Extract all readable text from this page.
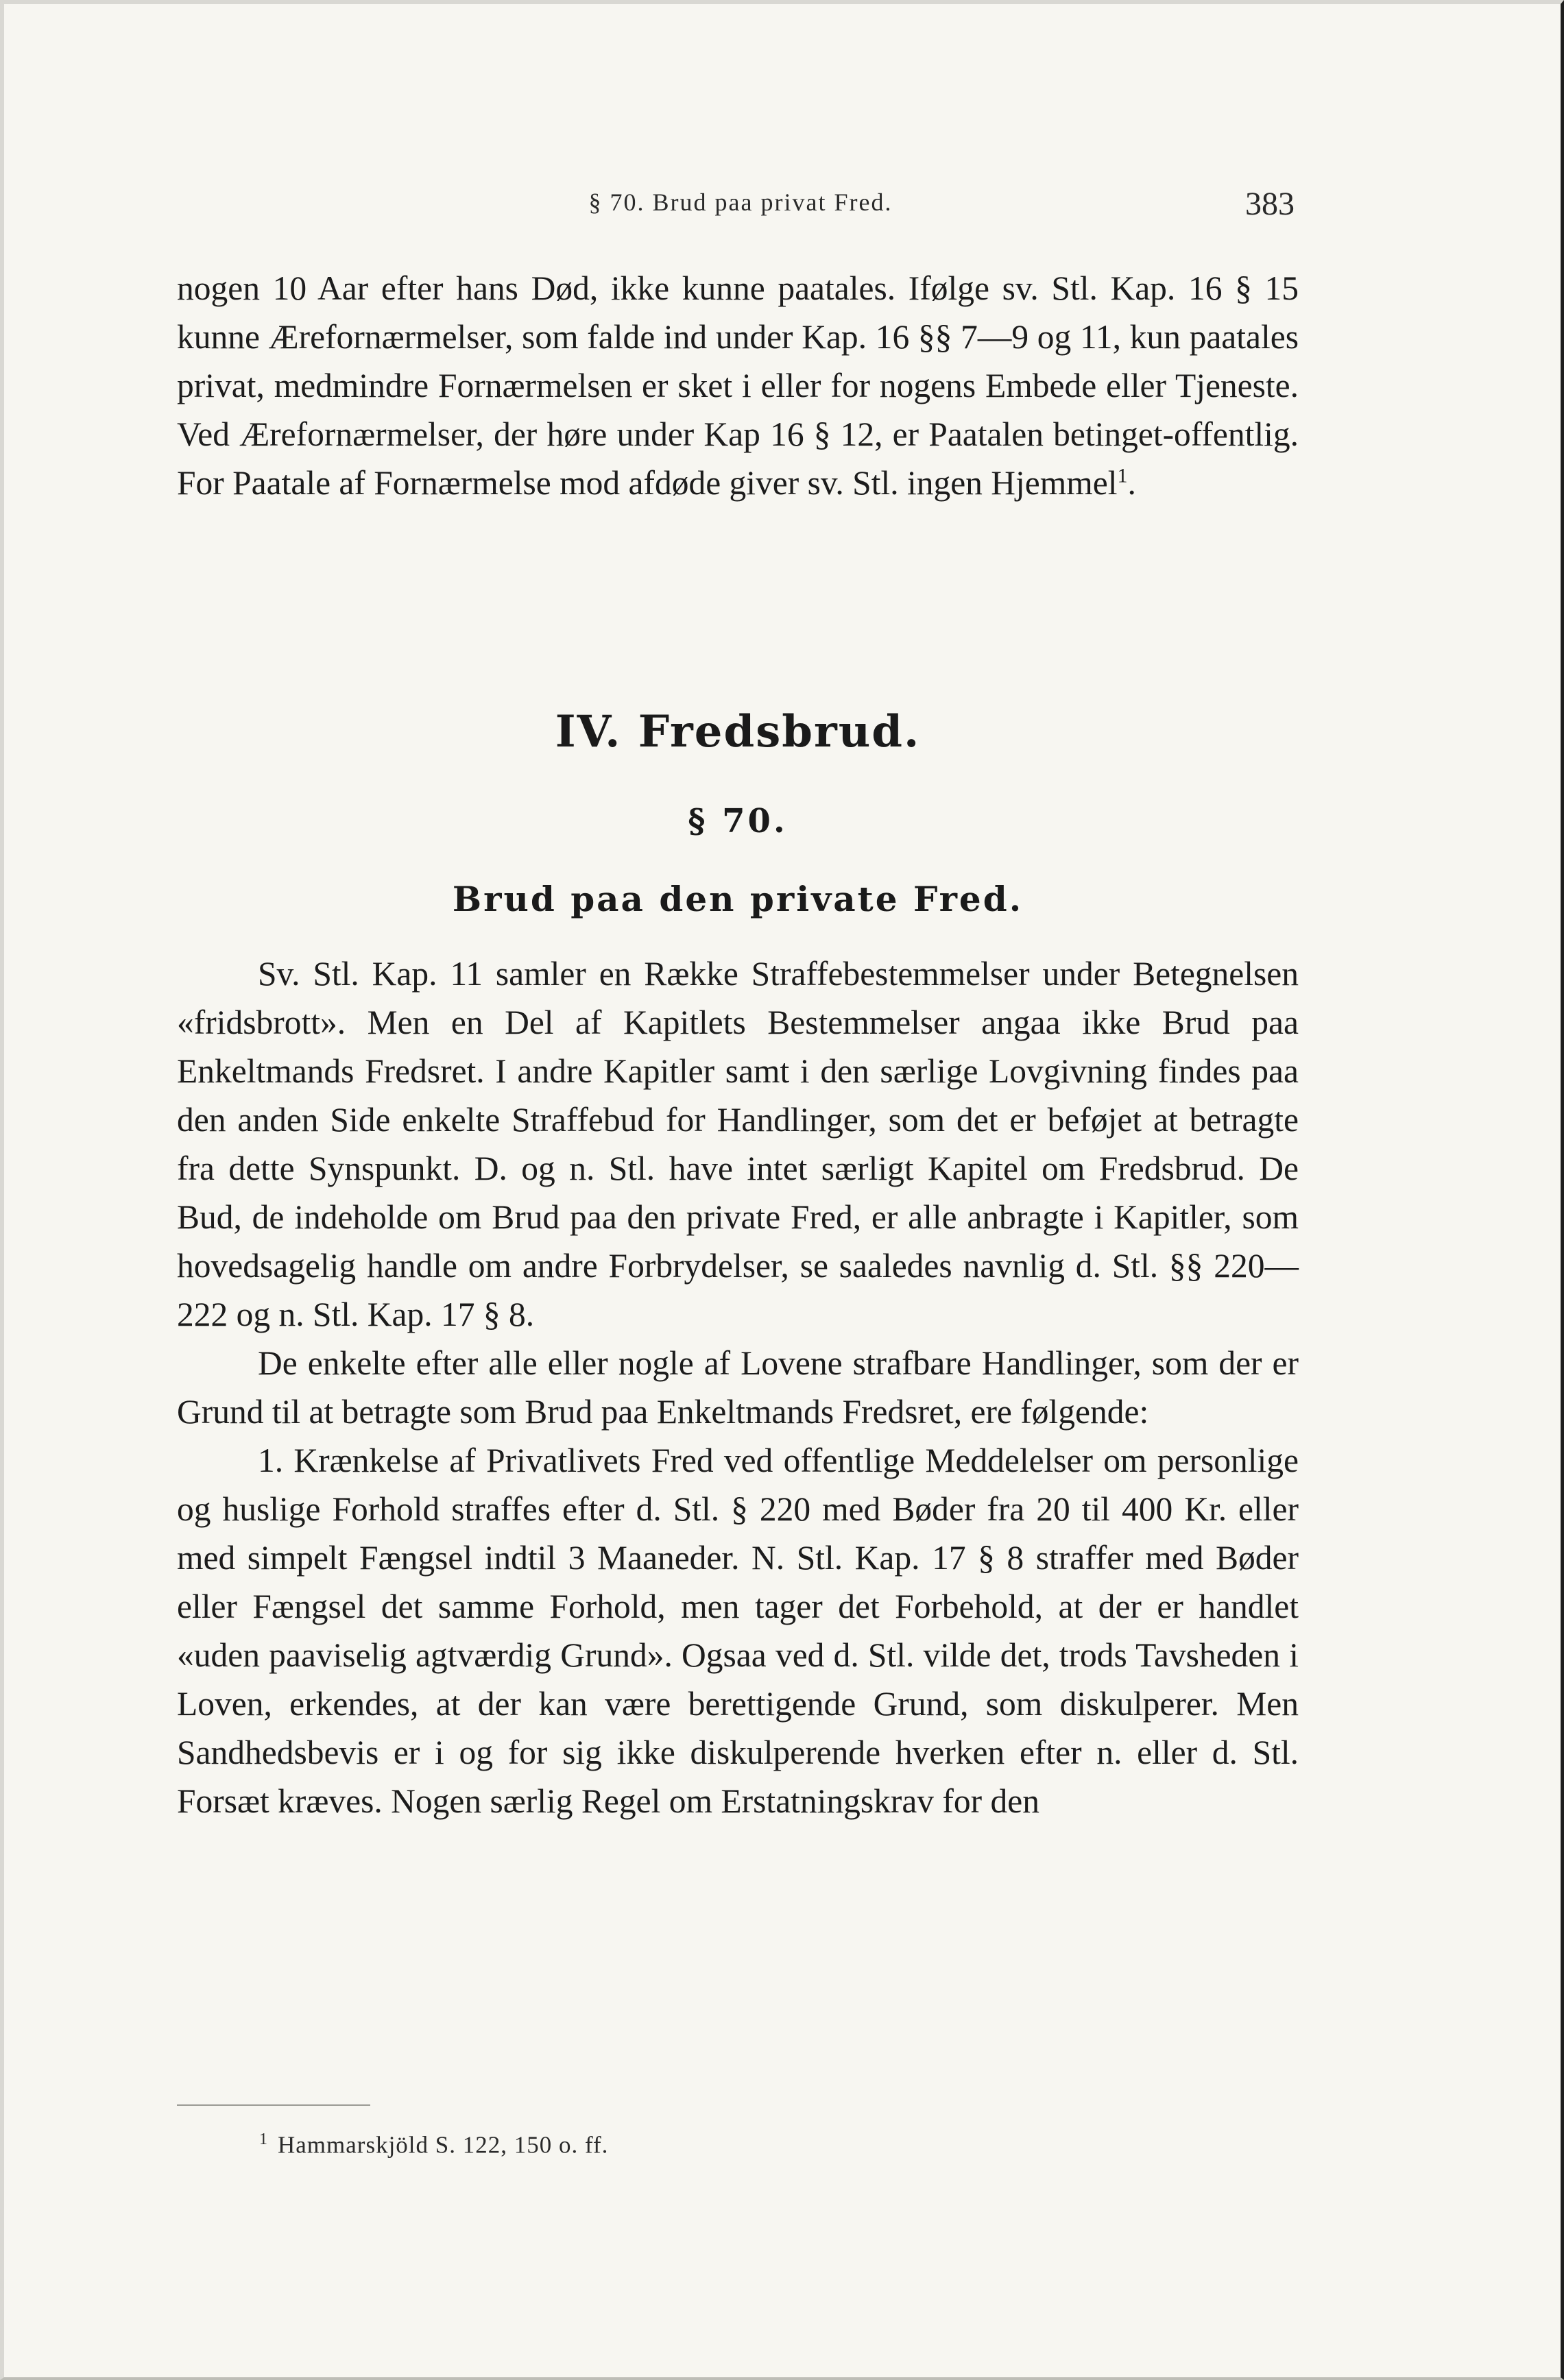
§ 70. Brud paa privat Fred.	383

nogen 10 Aar efter hans Død, ikke kunne paatales. Ifølge sv. Stl. Kap. 16 § 15 kunne Ærefornærmelser, som falde ind under Kap. 16 §§ 7—9 og 11, kun paatales privat, medmindre Fornærmelsen er sket i eller for nogens Embede eller Tjeneste. Ved Ærefornærmelser, der høre under Kap 16 § 12, er Paatalen betinget-offentlig. For Paatale af Fornærmelse mod afdøde giver sv. Stl. ingen Hjemmel$^1$.

IV. Fredsbrud.
§ 70.
Brud paa den private Fred.

Sv. Stl. Kap. 11 samler en Række Straffebestemmelser under Betegnelsen «fridsbrott». Men en Del af Kapitlets Bestemmelser angaa ikke Brud paa Enkeltmands Fredsret. I andre Kapitler samt i den særlige Lovgivning findes paa den anden Side enkelte Straffebud for Handlinger, som det er beføjet at betragte fra dette Synspunkt. D. og n. Stl. have intet særligt Kapitel om Fredsbrud. De Bud, de indeholde om Brud paa den private Fred, er alle anbragte i Kapitler, som hovedsagelig handle om andre Forbrydelser, se saaledes navnlig d. Stl. §§ 220—222 og n. Stl. Kap. 17 § 8.

De enkelte efter alle eller nogle af Lovene strafbare Handlinger, som der er Grund til at betragte som Brud paa Enkeltmands Fredsret, ere følgende:

1. Krænkelse af Privatlivets Fred ved offentlige Meddelelser om personlige og huslige Forhold straffes efter d. Stl. § 220 med Bøder fra 20 til 400 Kr. eller med simpelt Fængsel indtil 3 Maaneder. N. Stl. Kap. 17 § 8 straffer med Bøder eller Fængsel det samme Forhold, men tager det Forbehold, at der er handlet «uden paaviselig agtværdig Grund». Ogsaa ved d. Stl. vilde det, trods Tavsheden i Loven, erkendes, at der kan være berettigende Grund, som diskulperer. Men Sandhedsbevis er i og for sig ikke diskulperende hverken efter n. eller d. Stl. Forsæt kræves. Nogen særlig Regel om Erstatningskrav for den

$^1$ Hammarskjöld S. 122, 150 o. ff.
